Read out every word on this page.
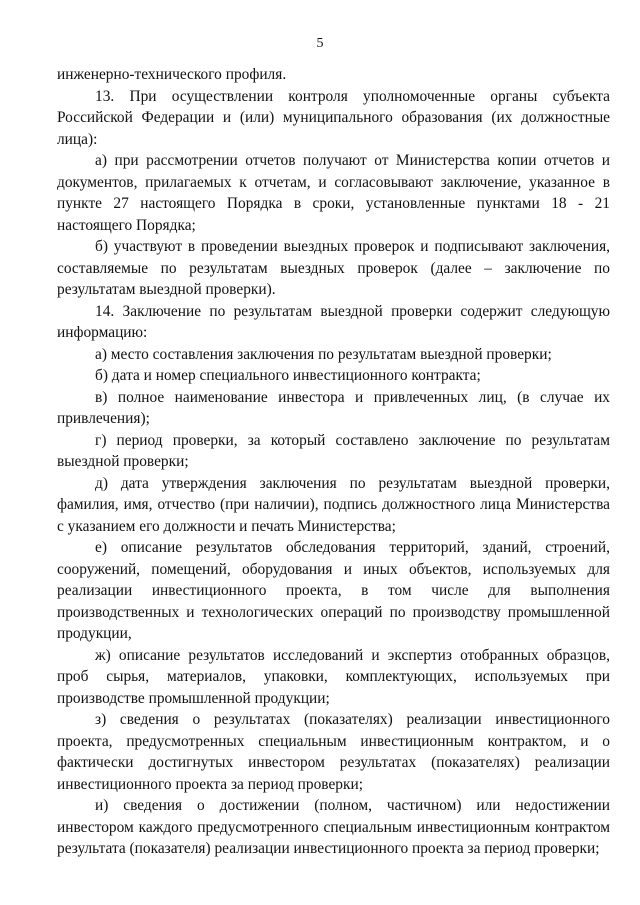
5

инженерно-технического профиля.

13. При осуществлении контроля уполномоченные органы субъекта Российской Федерации и (или) муниципального образования (их должностные лица):

а) при рассмотрении отчетов получают от Министерства копии отчетов и документов, прилагаемых к отчетам, и согласовывают заключение, указанное в пункте 27 настоящего Порядка в сроки, установленные пунктами 18 - 21 настоящего Порядка;

б) участвуют в проведении выездных проверок и подписывают заключения, составляемые по результатам выездных проверок (далее – заключение по результатам выездной проверки).

14. Заключение по результатам выездной проверки содержит следующую информацию:

а) место составления заключения по результатам выездной проверки;

б) дата и номер специального инвестиционного контракта;

в) полное наименование инвестора и привлеченных лиц, (в случае их привлечения);

г) период проверки, за который составлено заключение по результатам выездной проверки;

д) дата утверждения заключения по результатам выездной проверки, фамилия, имя, отчество (при наличии), подпись должностного лица Министерства с указанием его должности и печать Министерства;

е) описание результатов обследования территорий, зданий, строений, сооружений, помещений, оборудования и иных объектов, используемых для реализации инвестиционного проекта, в том числе для выполнения производственных и технологических операций по производству промышленной продукции,

ж) описание результатов исследований и экспертиз отобранных образцов, проб сырья, материалов, упаковки, комплектующих, используемых при производстве промышленной продукции;

з) сведения о результатах (показателях) реализации инвестиционного проекта, предусмотренных специальным инвестиционным контрактом, и о фактически достигнутых инвестором результатах (показателях) реализации инвестиционного проекта за период проверки;

и) сведения о достижении (полном, частичном) или недостижении инвестором каждого предусмотренного специальным инвестиционным контрактом результата (показателя) реализации инвестиционного проекта за период проверки;
